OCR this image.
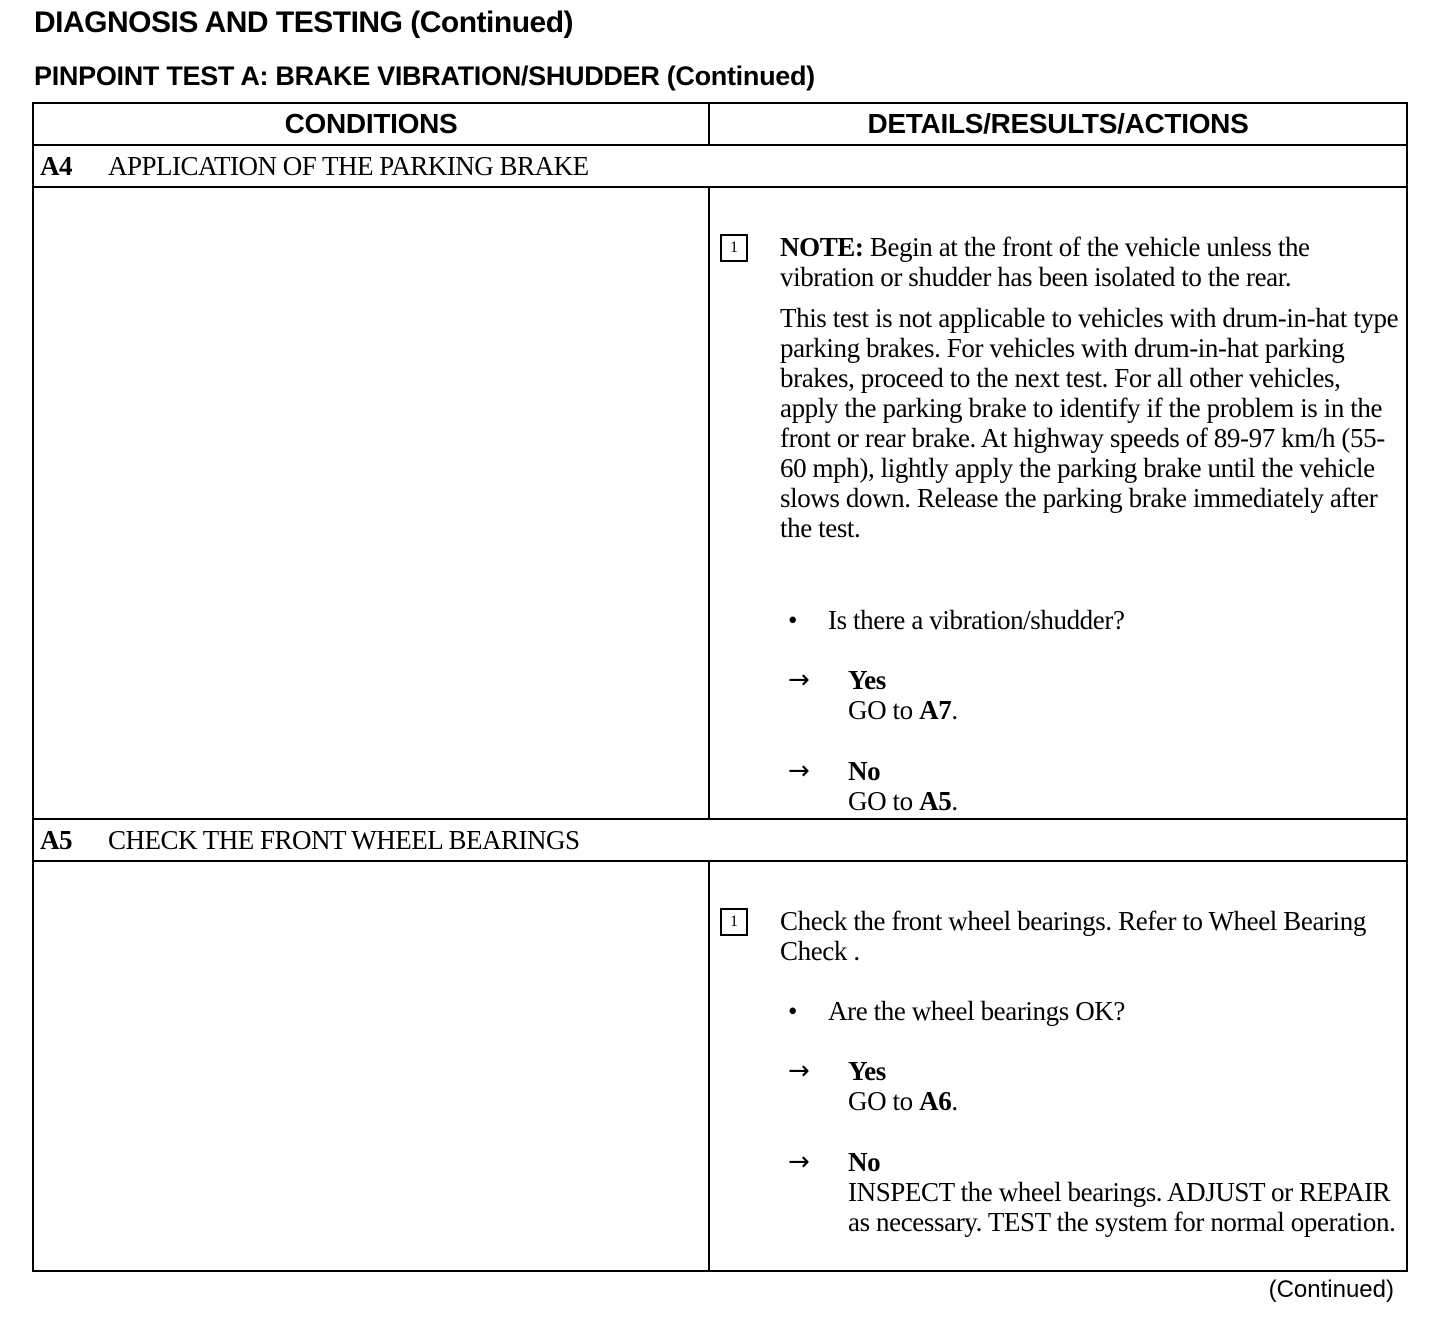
DIAGNOSIS AND TESTING (Continued)
PINPOINT TEST A: BRAKE VIBRATION/SHUDDER (Continued)
CONDITIONS	DETAILS/RESULTS/ACTIONS
A4	APPLICATION OF THE PARKING BRAKE
1	NOTE: Begin at the front of the vehicle unless the vibration or shudder has been isolated to the rear.
This test is not applicable to vehicles with drum-in-hat type parking brakes. For vehicles with drum-in-hat parking brakes, proceed to the next test. For all other vehicles, apply the parking brake to identify if the problem is in the front or rear brake. At highway speeds of 89-97 km/h (55-60 mph), lightly apply the parking brake until the vehicle slows down. Release the parking brake immediately after the test.
• Is there a vibration/shudder?
→ Yes
GO to A7.
→ No
GO to A5.
A5	CHECK THE FRONT WHEEL BEARINGS
1	Check the front wheel bearings. Refer to Wheel Bearing Check .
• Are the wheel bearings OK?
→ Yes
GO to A6.
→ No
INSPECT the wheel bearings. ADJUST or REPAIR as necessary. TEST the system for normal operation.
(Continued)
